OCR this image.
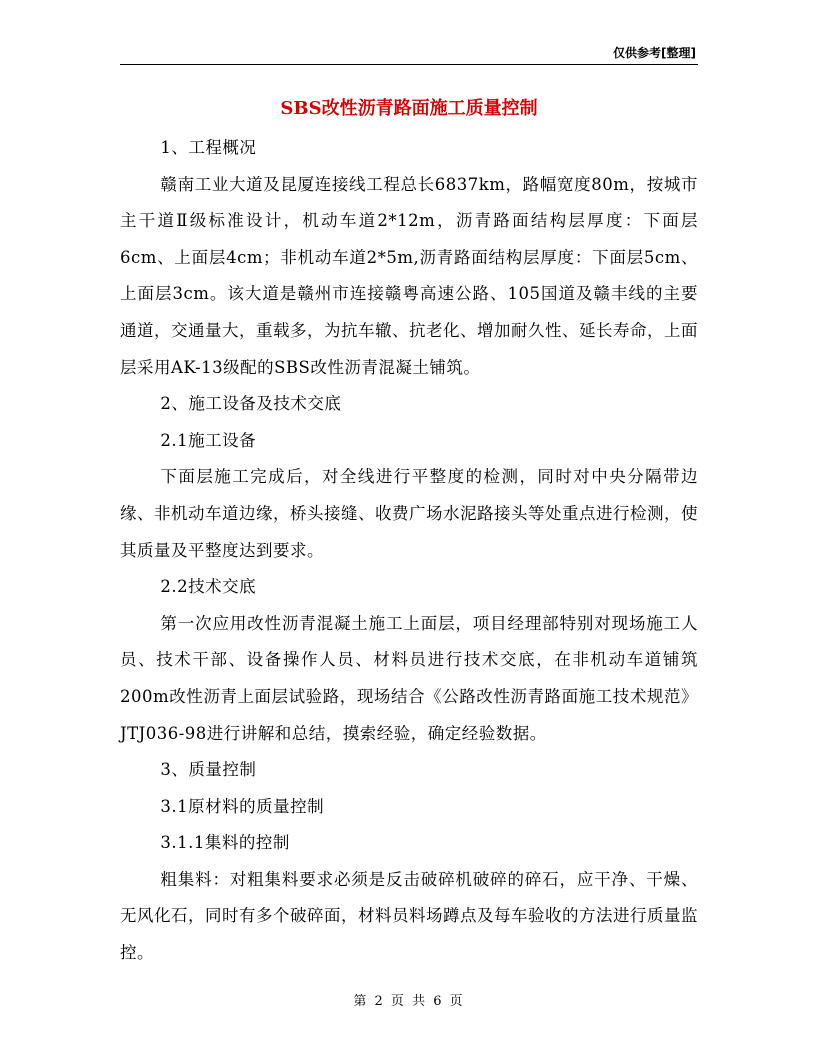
仅供参考[整理]
SBS改性沥青路面施工质量控制

1、工程概况

赣南工业大道及昆厦连接线工程总长6837km，路幅宽度80m，按城市主干道Ⅱ级标准设计，机动车道2*12m，沥青路面结构层厚度：下面层6cm、上面层4cm；非机动车道2*5m,沥青路面结构层厚度：下面层5cm、上面层3cm。该大道是赣州市连接赣粤高速公路、105国道及赣丰线的主要通道，交通量大，重载多，为抗车辙、抗老化、增加耐久性、延长寿命，上面层采用AK-13级配的SBS改性沥青混凝土铺筑。

2、施工设备及技术交底

2.1施工设备

下面层施工完成后，对全线进行平整度的检测，同时对中央分隔带边缘、非机动车道边缘，桥头接缝、收费广场水泥路接头等处重点进行检测，使其质量及平整度达到要求。

2.2技术交底

第一次应用改性沥青混凝土施工上面层，项目经理部特别对现场施工人员、技术干部、设备操作人员、材料员进行技术交底，在非机动车道铺筑200m改性沥青上面层试验路，现场结合《公路改性沥青路面施工技术规范》JTJ036-98进行讲解和总结，摸索经验，确定经验数据。

3、质量控制

3.1原材料的质量控制

3.1.1集料的控制

粗集料：对粗集料要求必须是反击破碎机破碎的碎石，应干净、干燥、无风化石，同时有多个破碎面，材料员料场蹲点及每车验收的方法进行质量监控。

第 2 页 共 6 页
